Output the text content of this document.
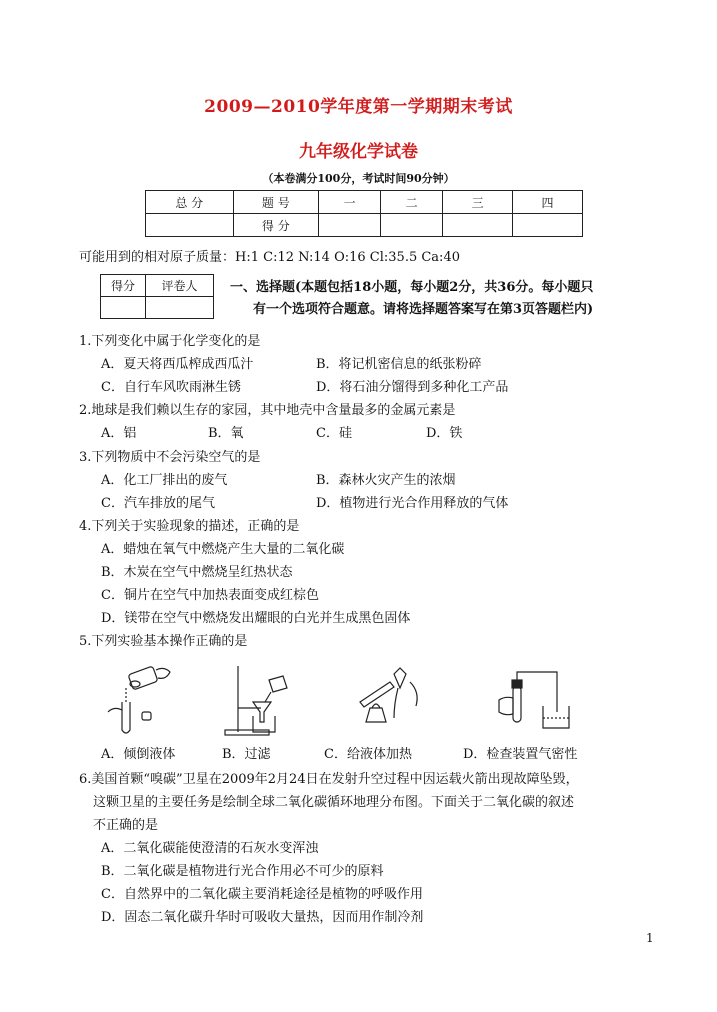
2009—2010学年度第一学期期末考试
九年级化学试卷
（本卷满分100分，考试时间90分钟）
总 分	题 号	一	二	三	四
	得 分				
可能用到的相对原子质量：H:1 C:12 N:14 O:16 Cl:35.5 Ca:40
得分	评卷人
		一、选择题(本题包括18小题，每小题2分，共36分。每小题只
有一个选项符合题意。请将选择题答案写在第3页答题栏内)
1.下列变化中属于化学变化的是
A．夏天将西瓜榨成西瓜汁	B．将记机密信息的纸张粉碎
C．自行车风吹雨淋生锈	D．将石油分馏得到多种化工产品
2.地球是我们赖以生存的家园，其中地壳中含量最多的金属元素是
A．铝	B．氧	C．硅	D．铁
3.下列物质中不会污染空气的是
A．化工厂排出的废气	B．森林火灾产生的浓烟
C．汽车排放的尾气	D．植物进行光合作用释放的气体
4.下列关于实验现象的描述，正确的是
A．蜡烛在氧气中燃烧产生大量的二氧化碳
B．木炭在空气中燃烧呈红热状态
C．铜片在空气中加热表面变成红棕色
D．镁带在空气中燃烧发出耀眼的白光并生成黑色固体
5.下列实验基本操作正确的是
A．倾倒液体	B．过滤	C．给液体加热	D．检查装置气密性
6.美国首颗“嗅碳”卫星在2009年2月24日在发射升空过程中因运载火箭出现故障坠毁，
这颗卫星的主要任务是绘制全球二氧化碳循环地理分布图。下面关于二氧化碳的叙述
不正确的是
A．二氧化碳能使澄清的石灰水变浑浊
B．二氧化碳是植物进行光合作用必不可少的原料
C．自然界中的二氧化碳主要消耗途径是植物的呼吸作用
D．固态二氧化碳升华时可吸收大量热，因而用作制冷剂
1
